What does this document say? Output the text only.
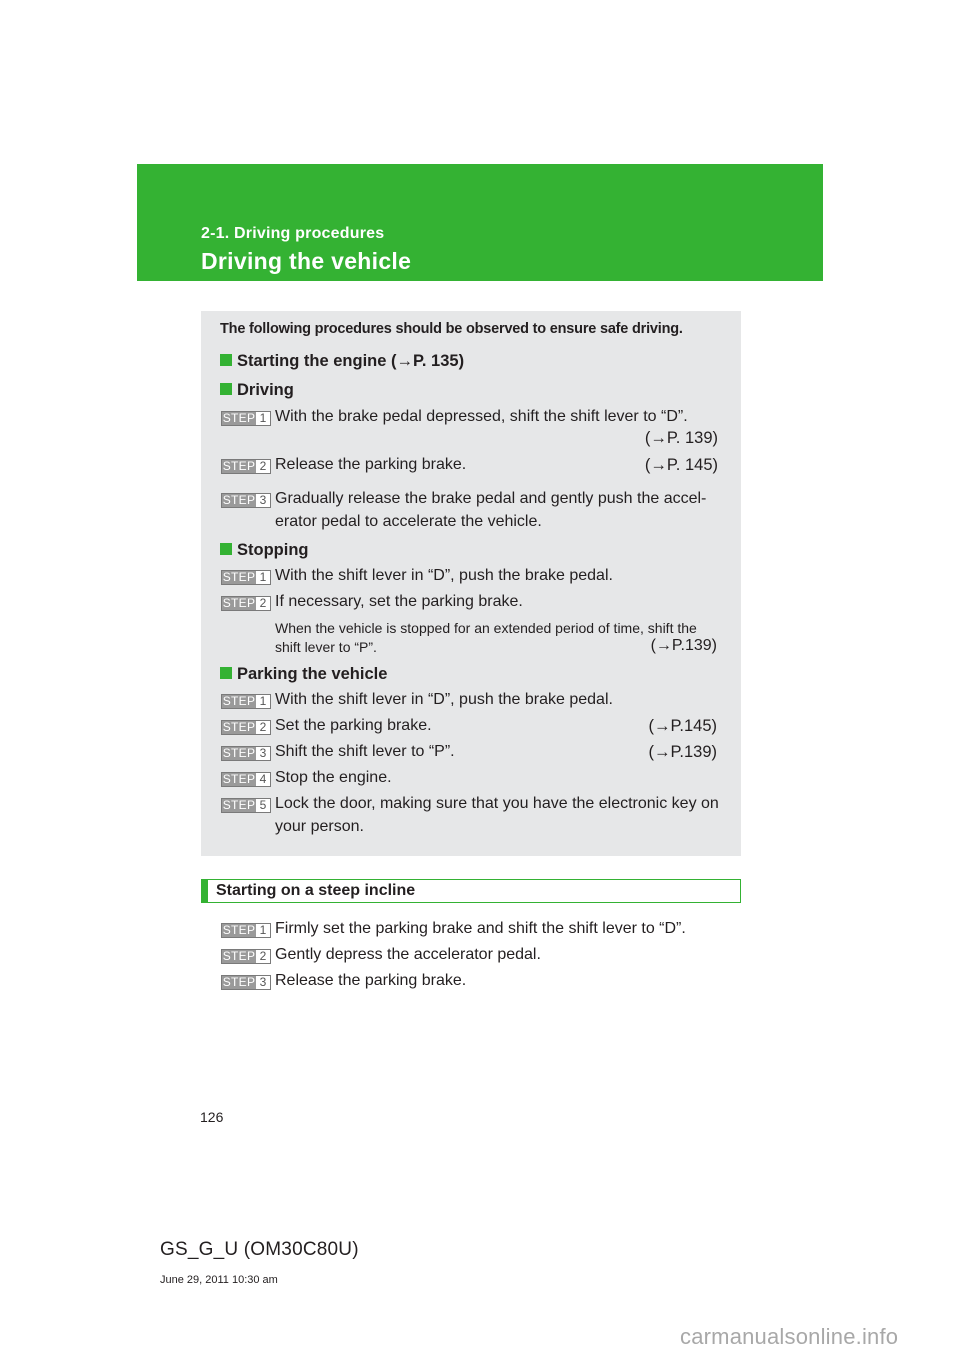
2-1. Driving procedures
Driving the vehicle
The following procedures should be observed to ensure safe driving.
Starting the engine (→P. 135)
Driving
STEP 1 With the brake pedal depressed, shift the shift lever to “D”.
(→P. 139)
STEP 2 Release the parking brake.	(→P. 145)
STEP 3 Gradually release the brake pedal and gently push the accel-
erator pedal to accelerate the vehicle.
Stopping
STEP 1 With the shift lever in “D”, push the brake pedal.
STEP 2 If necessary, set the parking brake.
When the vehicle is stopped for an extended period of time, shift the
shift lever to “P”.	(→P.139)
Parking the vehicle
STEP 1 With the shift lever in “D”, push the brake pedal.
STEP 2 Set the parking brake.	(→P.145)
STEP 3 Shift the shift lever to “P”.	(→P.139)
STEP 4 Stop the engine.
STEP 5 Lock the door, making sure that you have the electronic key on
your person.
Starting on a steep incline
STEP 1 Firmly set the parking brake and shift the shift lever to “D”.
STEP 2 Gently depress the accelerator pedal.
STEP 3 Release the parking brake.
126
GS_G_U (OM30C80U)
June 29, 2011 10:30 am
carmanualsonline.info
